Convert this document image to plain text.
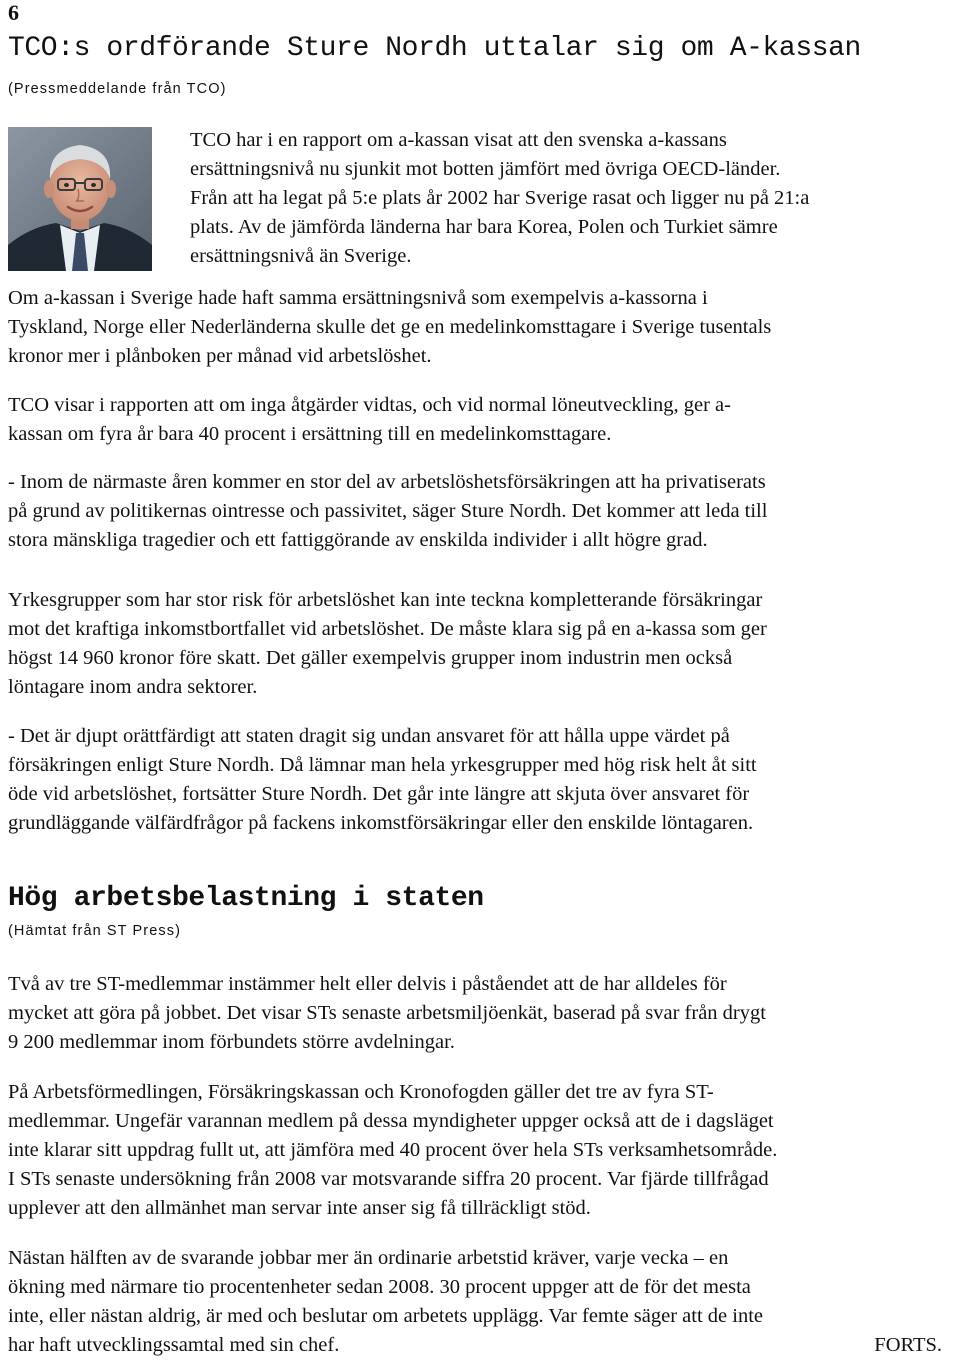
6
TCO:s ordförande Sture Nordh uttalar sig om A-kassan
(Pressmeddelande från TCO)
TCO har i en rapport om a-kassan visat att den svenska a-kassans
ersättningsnivå nu sjunkit mot botten jämfört med övriga OECD-länder.
Från att ha legat på 5:e plats år 2002 har Sverige rasat och ligger nu på 21:a
plats. Av de jämförda länderna har bara Korea, Polen och Turkiet sämre
ersättningsnivå än Sverige.
Om a-kassan i Sverige hade haft samma ersättningsnivå som exempelvis a-kassorna i
Tyskland, Norge eller Nederländerna skulle det ge en medelinkomsttagare i Sverige tusentals
kronor mer i plånboken per månad vid arbetslöshet.
TCO visar i rapporten att om inga åtgärder vidtas, och vid normal löneutveckling, ger a-
kassan om fyra år bara 40 procent i ersättning till en medelinkomsttagare.
- Inom de närmaste åren kommer en stor del av arbetslöshetsförsäkringen att ha privatiserats
på grund av politikernas ointresse och passivitet, säger Sture Nordh. Det kommer att leda till
stora mänskliga tragedier och ett fattiggörande av enskilda individer i allt högre grad.
Yrkesgrupper som har stor risk för arbetslöshet kan inte teckna kompletterande försäkringar
mot det kraftiga inkomstbortfallet vid arbetslöshet. De måste klara sig på en a-kassa som ger
högst 14 960 kronor före skatt. Det gäller exempelvis grupper inom industrin men också
löntagare inom andra sektorer.
- Det är djupt orättfärdigt att staten dragit sig undan ansvaret för att hålla uppe värdet på
försäkringen enligt Sture Nordh. Då lämnar man hela yrkesgrupper med hög risk helt åt sitt
öde vid arbetslöshet, fortsätter Sture Nordh. Det går inte längre att skjuta över ansvaret för
grundläggande välfärdfrågor på fackens inkomstförsäkringar eller den enskilde löntagaren.
Hög arbetsbelastning i staten
(Hämtat från ST Press)
Två av tre ST-medlemmar instämmer helt eller delvis i påståendet att de har alldeles för
mycket att göra på jobbet. Det visar STs senaste arbetsmiljöenkät, baserad på svar från drygt
9 200 medlemmar inom förbundets större avdelningar.
På Arbetsförmedlingen, Försäkringskassan och Kronofogden gäller det tre av fyra ST-
medlemmar. Ungefär varannan medlem på dessa myndigheter uppger också att de i dagsläget
inte klarar sitt uppdrag fullt ut, att jämföra med 40 procent över hela STs verksamhetsområde.
I STs senaste undersökning från 2008 var motsvarande siffra 20 procent. Var fjärde tillfrågad
upplever att den allmänhet man servar inte anser sig få tillräckligt stöd.
Nästan hälften av de svarande jobbar mer än ordinarie arbetstid kräver, varje vecka – en
ökning med närmare tio procentenheter sedan 2008. 30 procent uppger att de för det mesta
inte, eller nästan aldrig, är med och beslutar om arbetets upplägg. Var femte säger att de inte
har haft utvecklingssamtal med sin chef.	FORTS.
